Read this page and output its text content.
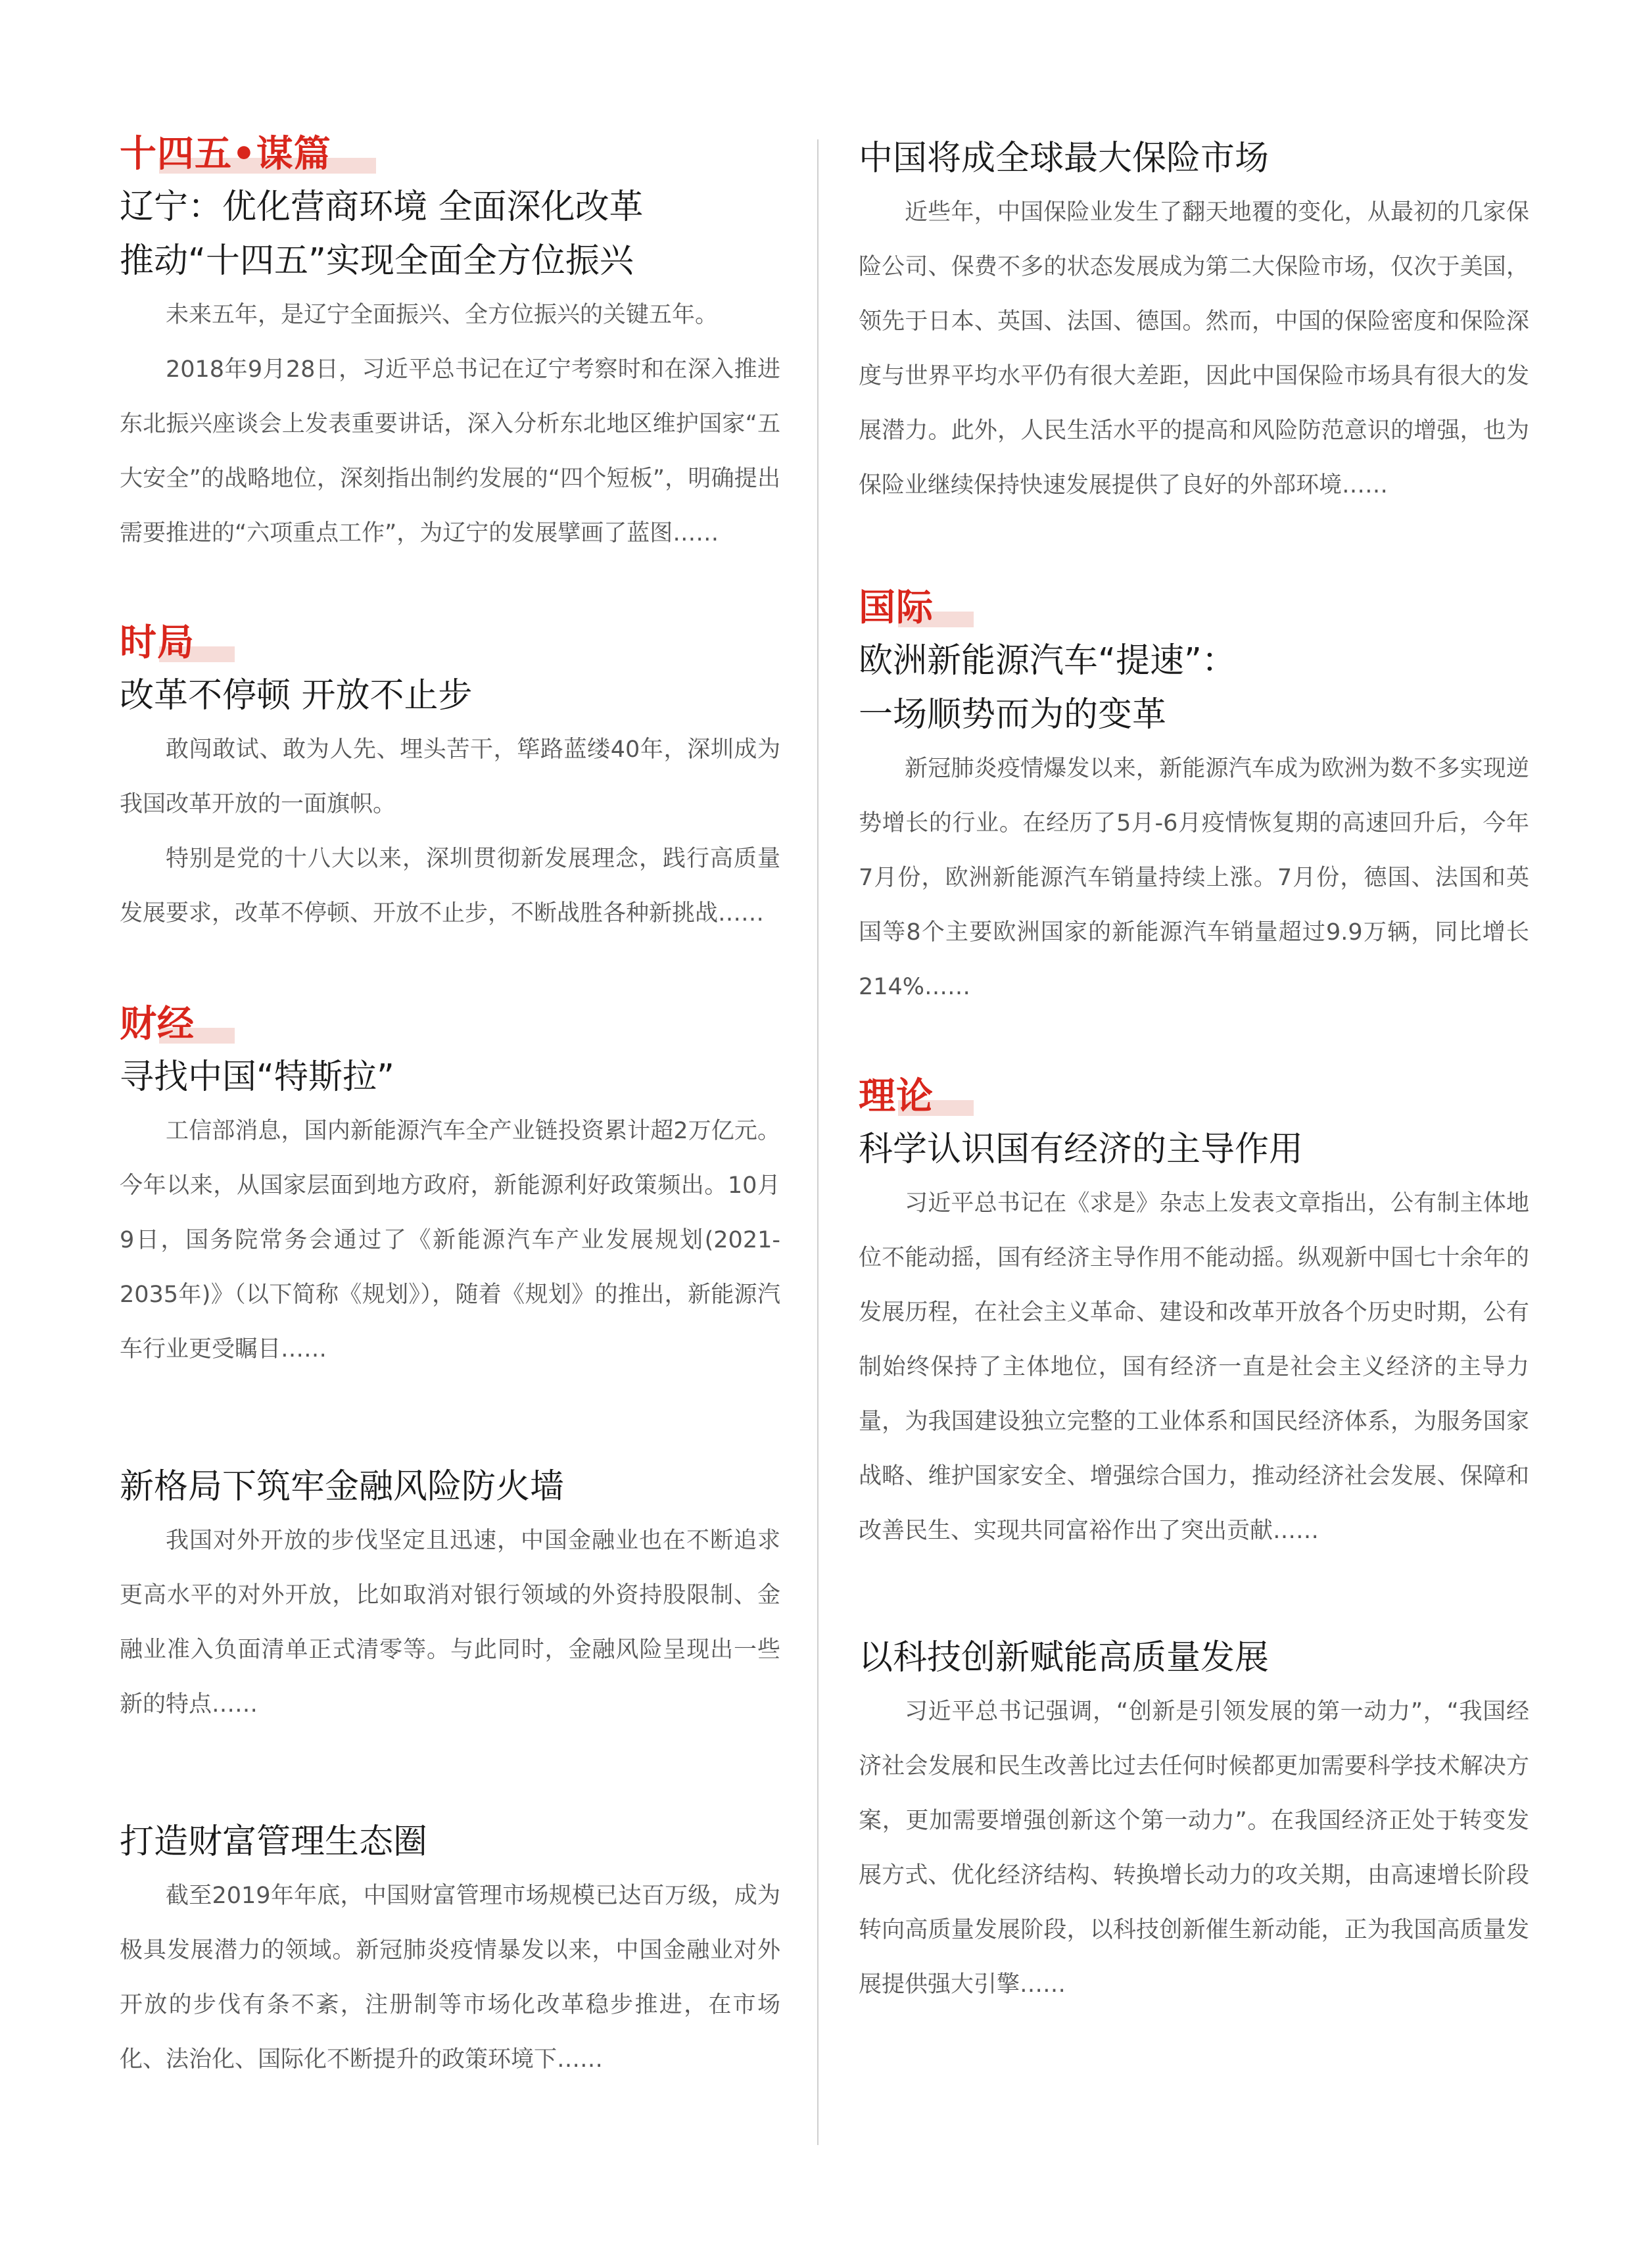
十四五•谋篇
辽宁：优化营商环境 全面深化改革
推动“十四五”实现全面全方位振兴

未来五年，是辽宁全面振兴、全方位振兴的关键五年。

2018年9月28日，习近平总书记在辽宁考察时和在深入推进东北振兴座谈会上发表重要讲话，深入分析东北地区维护国家“五大安全”的战略地位，深刻指出制约发展的“四个短板”，明确提出需要推进的“六项重点工作”，为辽宁的发展擘画了蓝图……

时局
改革不停顿 开放不止步

敢闯敢试、敢为人先、埋头苦干，筚路蓝缕40年，深圳成为我国改革开放的一面旗帜。

特别是党的十八大以来，深圳贯彻新发展理念，践行高质量发展要求，改革不停顿、开放不止步，不断战胜各种新挑战……

财经
寻找中国“特斯拉”

工信部消息，国内新能源汽车全产业链投资累计超2万亿元。今年以来，从国家层面到地方政府，新能源利好政策频出。10月9日，国务院常务会通过了《新能源汽车产业发展规划(2021-2035年)》（以下简称《规划》），随着《规划》的推出，新能源汽车行业更受瞩目……

新格局下筑牢金融风险防火墙

我国对外开放的步伐坚定且迅速，中国金融业也在不断追求更高水平的对外开放，比如取消对银行领域的外资持股限制、金融业准入负面清单正式清零等。与此同时，金融风险呈现出一些新的特点……

打造财富管理生态圈

截至2019年年底，中国财富管理市场规模已达百万级，成为极具发展潜力的领域。新冠肺炎疫情暴发以来，中国金融业对外开放的步伐有条不紊，注册制等市场化改革稳步推进，在市场化、法治化、国际化不断提升的政策环境下……

中国将成全球最大保险市场

近些年，中国保险业发生了翻天地覆的变化，从最初的几家保险公司、保费不多的状态发展成为第二大保险市场，仅次于美国，领先于日本、英国、法国、德国。然而，中国的保险密度和保险深度与世界平均水平仍有很大差距，因此中国保险市场具有很大的发展潜力。此外，人民生活水平的提高和风险防范意识的增强，也为保险业继续保持快速发展提供了良好的外部环境……

国际
欧洲新能源汽车“提速”：
一场顺势而为的变革

新冠肺炎疫情爆发以来，新能源汽车成为欧洲为数不多实现逆势增长的行业。在经历了5月-6月疫情恢复期的高速回升后，今年7月份，欧洲新能源汽车销量持续上涨。7月份，德国、法国和英国等8个主要欧洲国家的新能源汽车销量超过9.9万辆，同比增长214%……

理论
科学认识国有经济的主导作用

习近平总书记在《求是》杂志上发表文章指出，公有制主体地位不能动摇，国有经济主导作用不能动摇。纵观新中国七十余年的发展历程，在社会主义革命、建设和改革开放各个历史时期，公有制始终保持了主体地位，国有经济一直是社会主义经济的主导力量，为我国建设独立完整的工业体系和国民经济体系，为服务国家战略、维护国家安全、增强综合国力，推动经济社会发展、保障和改善民生、实现共同富裕作出了突出贡献……

以科技创新赋能高质量发展

习近平总书记强调，“创新是引领发展的第一动力”，“我国经济社会发展和民生改善比过去任何时候都更加需要科学技术解决方案，更加需要增强创新这个第一动力”。在我国经济正处于转变发展方式、优化经济结构、转换增长动力的攻关期，由高速增长阶段转向高质量发展阶段，以科技创新催生新动能，正为我国高质量发展提供强大引擎……
